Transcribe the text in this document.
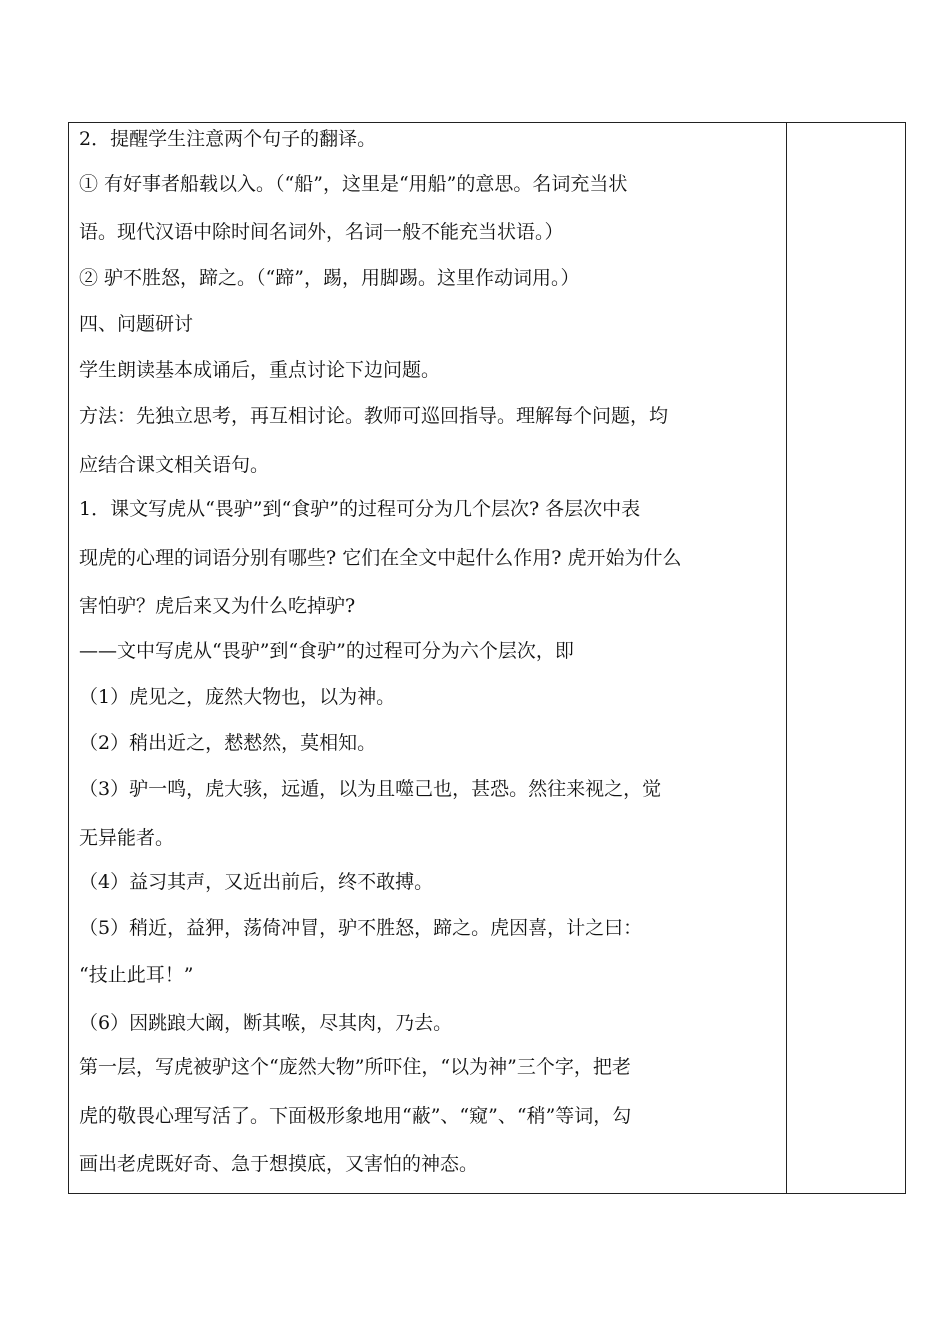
2．提醒学生注意两个句子的翻译。
① 有好事者船载以入。（“船”，这里是“用船”的意思。名词充当状
语。现代汉语中除时间名词外，名词一般不能充当状语。）
② 驴不胜怒，蹄之。（“蹄”，踢，用脚踢。这里作动词用。）
四、问题研讨
学生朗读基本成诵后，重点讨论下边问题。
方法：先独立思考，再互相讨论。教师可巡回指导。理解每个问题，均
应结合课文相关语句。
1．课文写虎从“畏驴”到“食驴”的过程可分为几个层次? 各层次中表
现虎的心理的词语分别有哪些? 它们在全文中起什么作用? 虎开始为什么
害怕驴？虎后来又为什么吃掉驴?
——文中写虎从“畏驴”到“食驴”的过程可分为六个层次，即
（1）虎见之，庞然大物也，以为神。
（2）稍出近之，慭慭然，莫相知。
（3）驴一鸣，虎大骇，远遁，以为且噬己也，甚恐。然往来视之，觉
无异能者。
（4）益习其声，又近出前后，终不敢搏。
（5）稍近，益狎，荡倚冲冒，驴不胜怒，蹄之。虎因喜，计之曰：
“技止此耳！”
（6）因跳踉大阚，断其喉，尽其肉，乃去。
第一层，写虎被驴这个“庞然大物”所吓住，“以为神”三个字，把老
虎的敬畏心理写活了。下面极形象地用“蔽”、“窥”、“稍”等词，勾
画出老虎既好奇、急于想摸底，又害怕的神态。
